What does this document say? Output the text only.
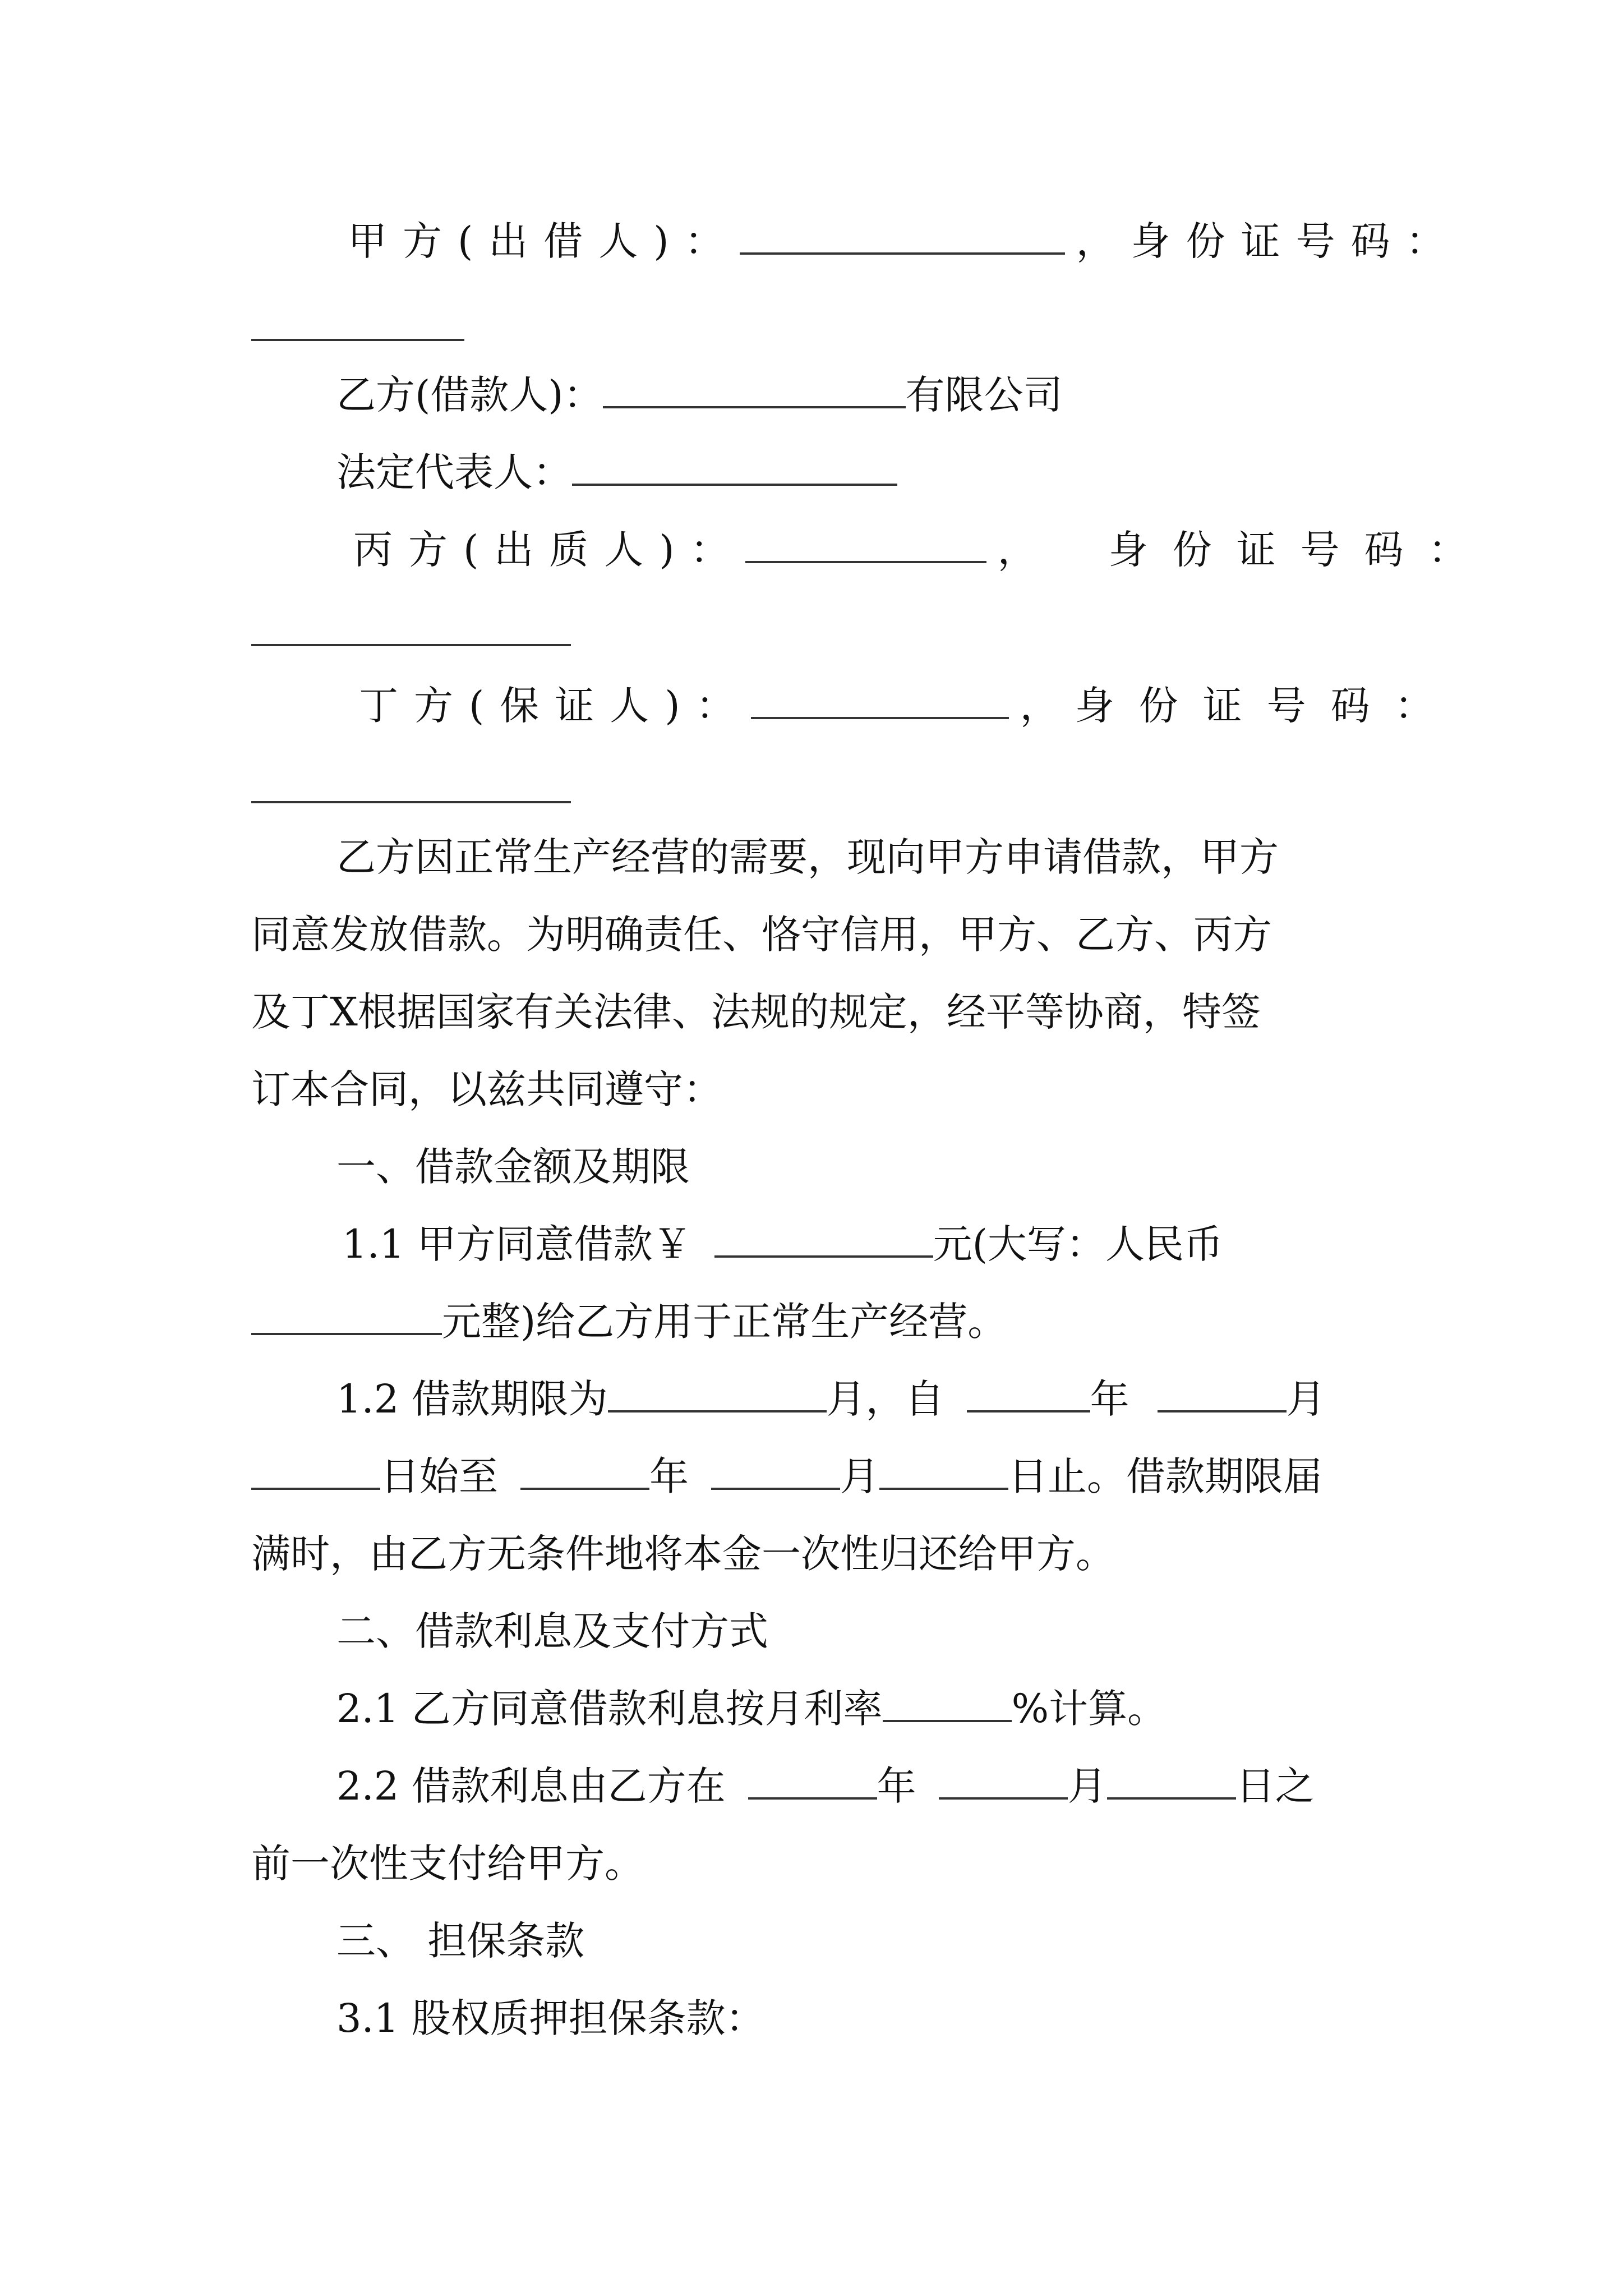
甲方(出借人)：	，身份证号码：
乙方(借款人)：	有限公司
法定代表人：
丙方(出质人)：	， 身份证号码：
丁方(保证人)：	，身份证号码：
乙方因正常生产经营的需要，现向甲方申请借款，甲方
同意发放借款。为明确责任、恪守信用，甲方、乙方、丙方
及丁X根据国家有关法律、法规的规定，经平等协商，特签
订本合同，以兹共同遵守：
一、借款金额及期限
1.1 甲方同意借款￥	元(大写：人民币
元整)给乙方用于正常生产经营。
1.2 借款期限为	月，自	年	月
日始至	年	月	日止。借款期限届
满时，由乙方无条件地将本金一次性归还给甲方。
二、借款利息及支付方式
2.1 乙方同意借款利息按月利率	%计算。
2.2 借款利息由乙方在	年	月	日之
前一次性支付给甲方。
三、 担保条款
3.1 股权质押担保条款：
